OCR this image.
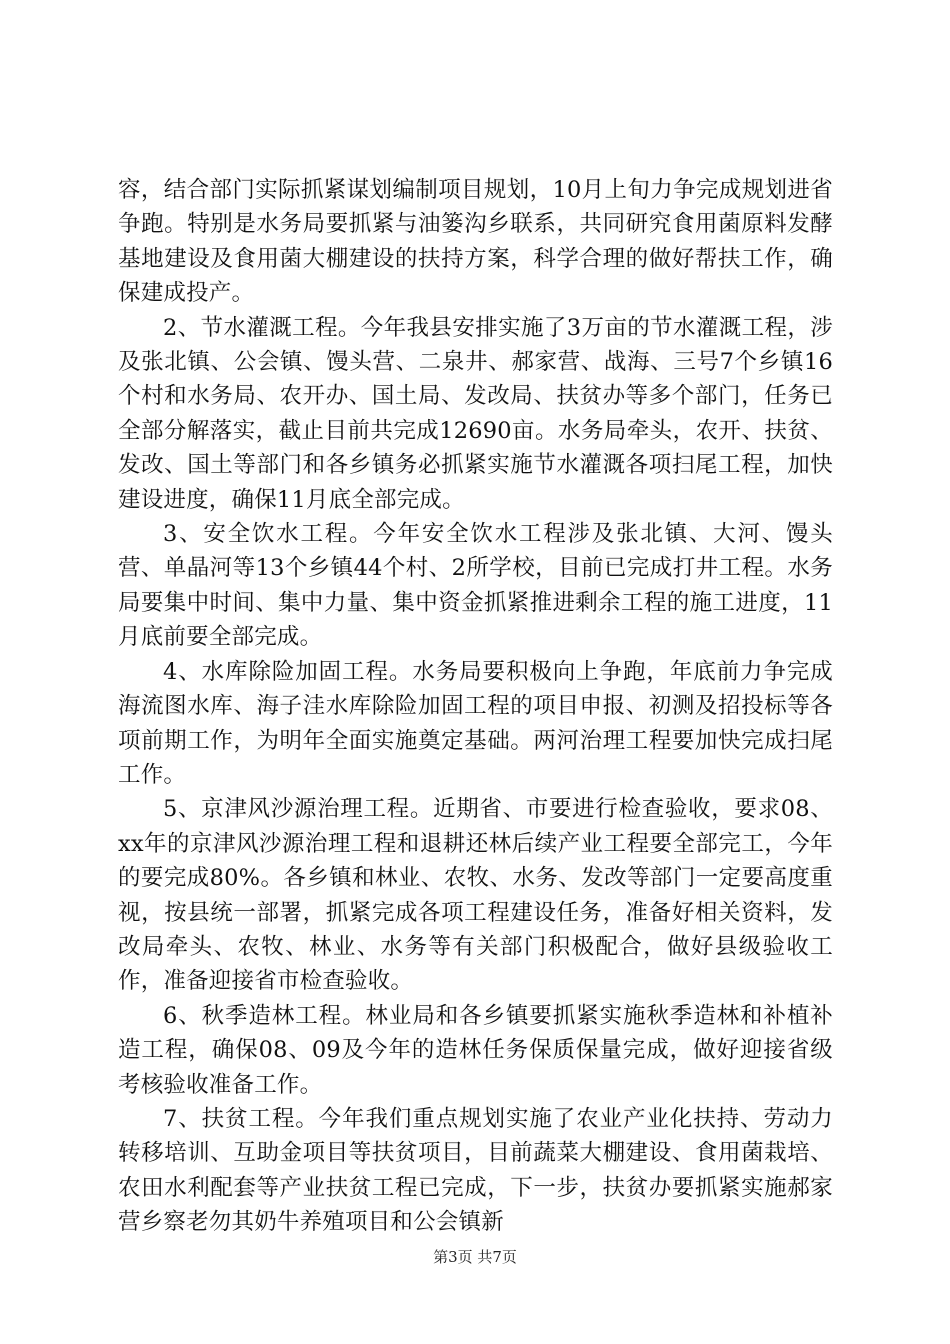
容，结合部门实际抓紧谋划编制项目规划，10月上旬力争完成规划进省争跑。特别是水务局要抓紧与油篓沟乡联系，共同研究食用菌原料发酵基地建设及食用菌大棚建设的扶持方案，科学合理的做好帮扶工作，确保建成投产。

2、节水灌溉工程。今年我县安排实施了3万亩的节水灌溉工程，涉及张北镇、公会镇、馒头营、二泉井、郝家营、战海、三号7个乡镇16个村和水务局、农开办、国土局、发改局、扶贫办等多个部门，任务已全部分解落实，截止目前共完成12690亩。水务局牵头，农开、扶贫、发改、国土等部门和各乡镇务必抓紧实施节水灌溉各项扫尾工程，加快建设进度，确保11月底全部完成。

3、安全饮水工程。今年安全饮水工程涉及张北镇、大河、馒头营、单晶河等13个乡镇44个村、2所学校，目前已完成打井工程。水务局要集中时间、集中力量、集中资金抓紧推进剩余工程的施工进度，11月底前要全部完成。

4、水库除险加固工程。水务局要积极向上争跑，年底前力争完成海流图水库、海子洼水库除险加固工程的项目申报、初测及招投标等各项前期工作，为明年全面实施奠定基础。两河治理工程要加快完成扫尾工作。

5、京津风沙源治理工程。近期省、市要进行检查验收，要求08、xx年的京津风沙源治理工程和退耕还林后续产业工程要全部完工，今年的要完成80%。各乡镇和林业、农牧、水务、发改等部门一定要高度重视，按县统一部署，抓紧完成各项工程建设任务，准备好相关资料，发改局牵头、农牧、林业、水务等有关部门积极配合，做好县级验收工作，准备迎接省市检查验收。

6、秋季造林工程。林业局和各乡镇要抓紧实施秋季造林和补植补造工程，确保08、09及今年的造林任务保质保量完成，做好迎接省级考核验收准备工作。

7、扶贫工程。今年我们重点规划实施了农业产业化扶持、劳动力转移培训、互助金项目等扶贫项目，目前蔬菜大棚建设、食用菌栽培、农田水利配套等产业扶贫工程已完成，下一步，扶贫办要抓紧实施郝家营乡察老勿其奶牛养殖项目和公会镇新

第3页 共7页
